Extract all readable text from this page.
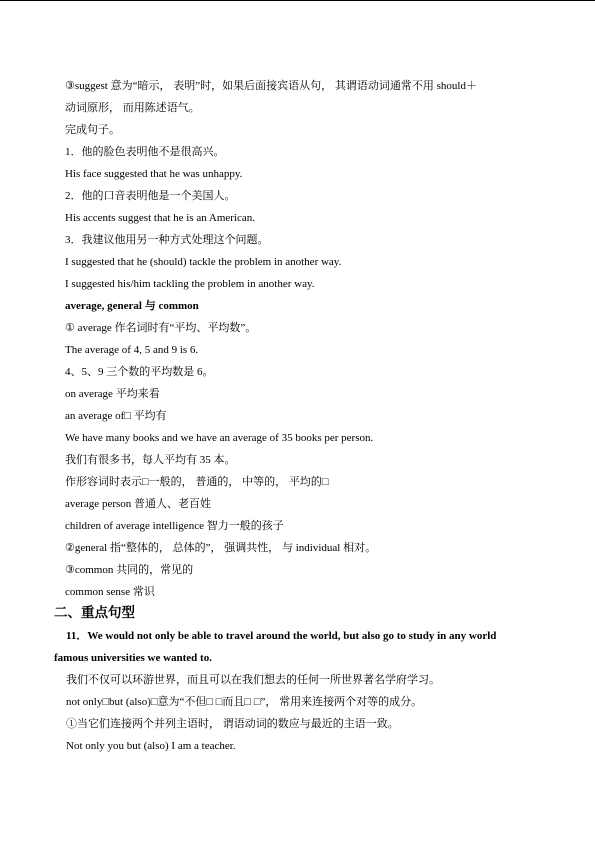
③suggest 意为“暗示， 表明”时，如果后面接宾语从句， 其谓语动词通常不用 should＋
动词原形， 而用陈述语气。
完成句子。
1．他的脸色表明他不是很高兴。
His face suggested that he was unhappy.
2．他的口音表明他是一个美国人。
His accents suggest that he is an American.
3．我建议他用另一种方式处理这个问题。
I suggested that he (should) tackle the problem in another way.
I suggested his/him tackling the problem in another way.
average, general 与 common
① average 作名词时有“平均、平均数”。
The average of 4, 5 and 9 is 6.
4、5、9 三个数的平均数是 6。
on average 平均来看
an average of□ 平均有
We have many books and we have an average of 35 books per person.
我们有很多书，每人平均有 35 本。
作形容词时表示□一般的， 普通的， 中等的， 平均的□
average person 普通人、老百姓
children of average intelligence 智力一般的孩子
②general 指“整体的， 总体的”， 强调共性， 与 individual 相对。
③common 共同的，常见的
common sense 常识
二、重点句型
11．We would not only be able to travel around the world, but also go to study in any world
famous universities we wanted to.
我们不仅可以环游世界，而且可以在我们想去的任何一所世界著名学府学习。
not only□but (also)□意为“不但□ □而且□ □”， 常用来连接两个对等的成分。
①当它们连接两个并列主语时， 谓语动词的数应与最近的主语一致。
Not only you but (also) I am a teacher.
